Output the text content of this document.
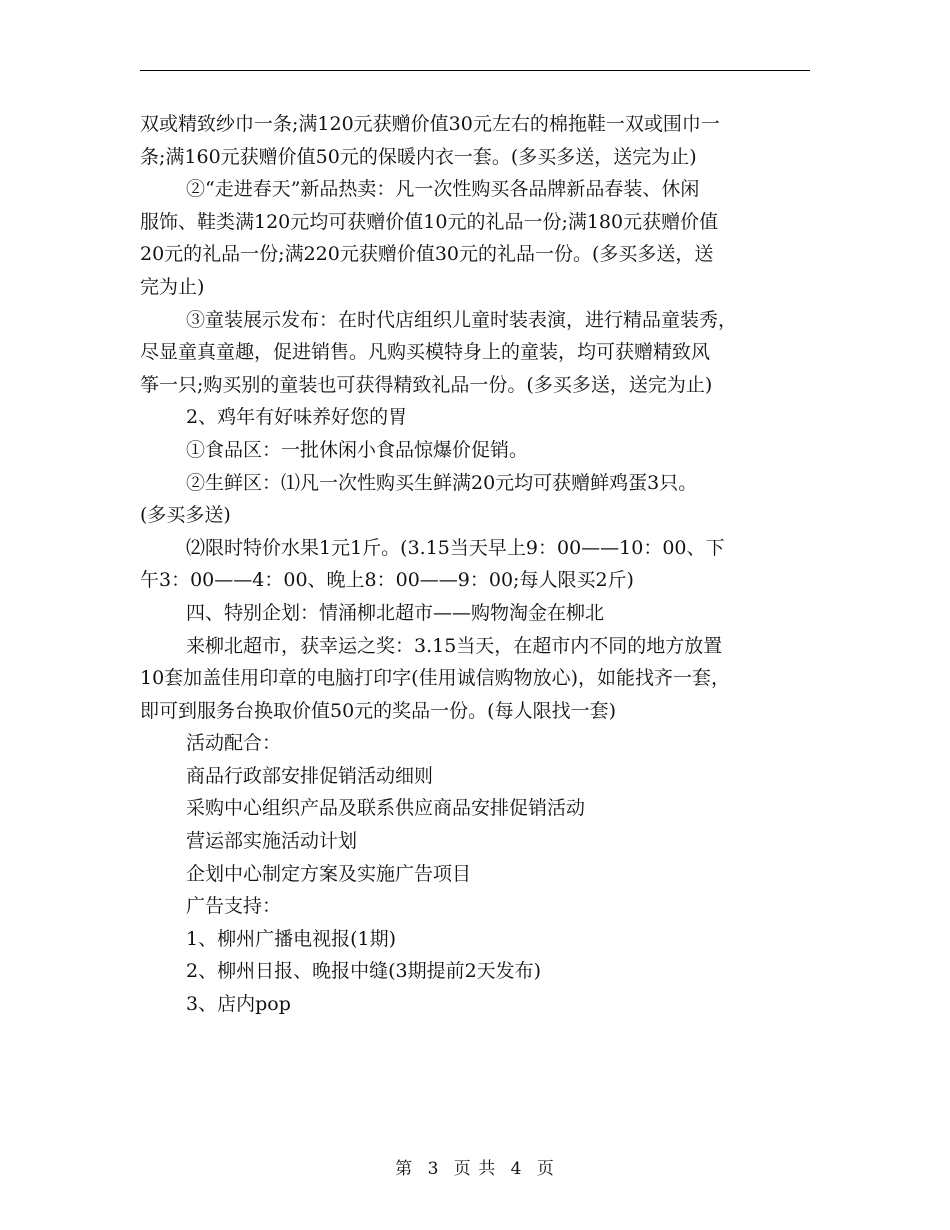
双或精致纱巾一条;满120元获赠价值30元左右的棉拖鞋一双或围巾一
条;满160元获赠价值50元的保暖内衣一套。(多买多送，送完为止)
②“走进春天”新品热卖：凡一次性购买各品牌新品春装、休闲
服饰、鞋类满120元均可获赠价值10元的礼品一份;满180元获赠价值
20元的礼品一份;满220元获赠价值30元的礼品一份。(多买多送，送
完为止)
③童装展示发布：在时代店组织儿童时装表演，进行精品童装秀，
尽显童真童趣，促进销售。凡购买模特身上的童装，均可获赠精致风
筝一只;购买别的童装也可获得精致礼品一份。(多买多送，送完为止)
2、鸡年有好味养好您的胃
①食品区：一批休闲小食品惊爆价促销。
②生鲜区：⑴凡一次性购买生鲜满20元均可获赠鲜鸡蛋3只。
(多买多送)
⑵限时特价水果1元1斤。(3.15当天早上9：00——10：00、下
午3：00——4：00、晚上8：00——9：00;每人限买2斤)
四、特别企划：情涌柳北超市——购物淘金在柳北
来柳北超市，获幸运之奖：3.15当天，在超市内不同的地方放置
10套加盖佳用印章的电脑打印字(佳用诚信购物放心)，如能找齐一套，
即可到服务台换取价值50元的奖品一份。(每人限找一套)
活动配合：
商品行政部安排促销活动细则
采购中心组织产品及联系供应商品安排促销活动
营运部实施活动计划
企划中心制定方案及实施广告项目
广告支持：
1、柳州广播电视报(1期)
2、柳州日报、晚报中缝(3期提前2天发布)
3、店内pop
第 3 页 共 4 页
